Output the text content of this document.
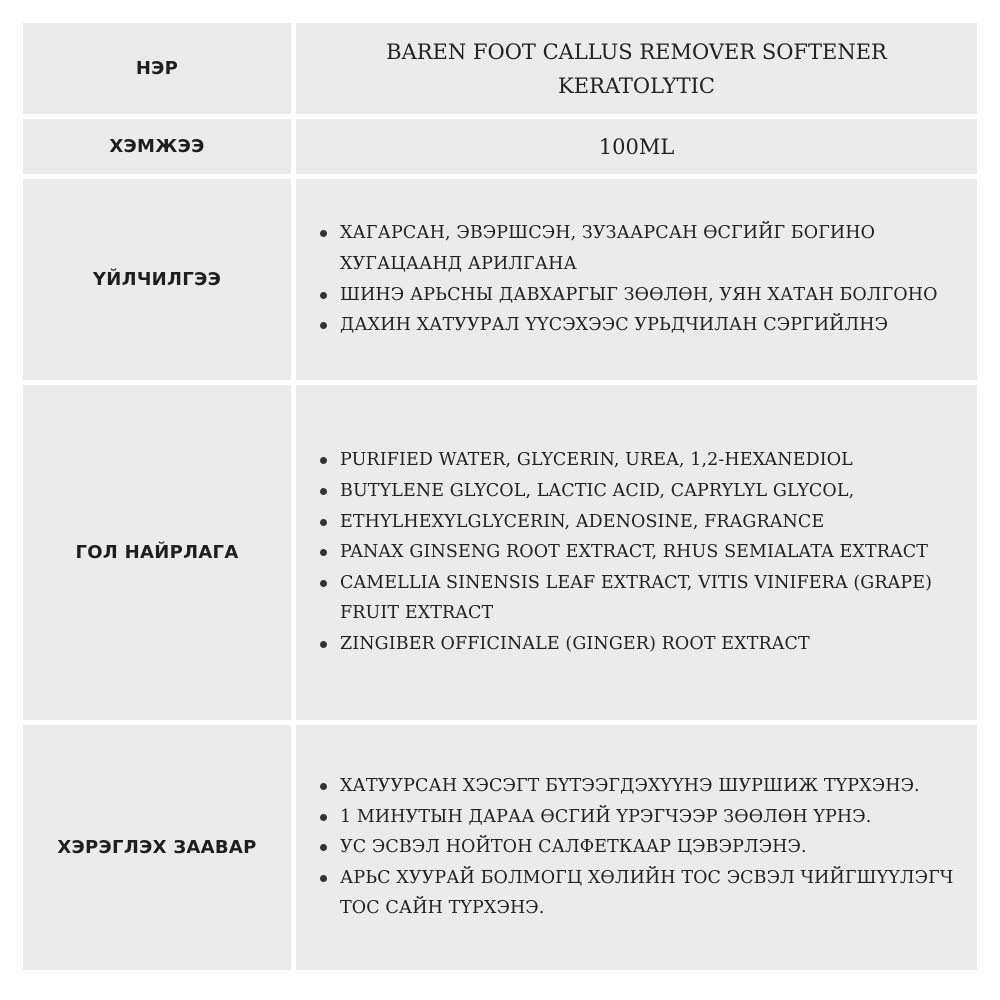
НЭР
BAREN FOOT CALLUS REMOVER SOFTENER KERATOLYTIC
ХЭМЖЭЭ	100ML
ҮЙЛЧИЛГЭЭ
ХАГАРСАН, ЭВЭРШСЭН, ЗУЗААРСАН ӨСГИЙГ БОГИНО ХУГАЦААНД АРИЛГАНА
ШИНЭ АРЬСНЫ ДАВХАРГЫГ ЗӨӨЛӨН, УЯН ХАТАН БОЛГОНО
ДАХИН ХАТУУРАЛ ҮҮСЭХЭЭС УРЬДЧИЛАН СЭРГИЙЛНЭ
ГОЛ НАЙРЛАГА
PURIFIED WATER, GLYCERIN, UREA, 1,2-HEXANEDIOL
BUTYLENE GLYCOL, LACTIC ACID, CAPRYLYL GLYCOL,
ETHYLHEXYLGLYCERIN, ADENOSINE, FRAGRANCE
PANAX GINSENG ROOT EXTRACT, RHUS SEMIALATA EXTRACT
CAMELLIA SINENSIS LEAF EXTRACT, VITIS VINIFERA (GRAPE) FRUIT EXTRACT
ZINGIBER OFFICINALE (GINGER) ROOT EXTRACT
ХЭРЭГЛЭХ ЗААВАР
ХАТУУРСАН ХЭСЭГТ БҮТЭЭГДЭХҮҮНЭ ШУРШИЖ ТҮРХЭНЭ.
1 МИНУТЫН ДАРАА ӨСГИЙ ҮРЭГЧЭЭР ЗӨӨЛӨН ҮРНЭ.
УС ЭСВЭЛ НОЙТОН САЛФЕТКААР ЦЭВЭРЛЭНЭ.
АРЬС ХУУРАЙ БОЛМОГЦ ХӨЛИЙН ТОС ЭСВЭЛ ЧИЙГШҮҮЛЭГЧ ТОС САЙН ТҮРХЭНЭ.
